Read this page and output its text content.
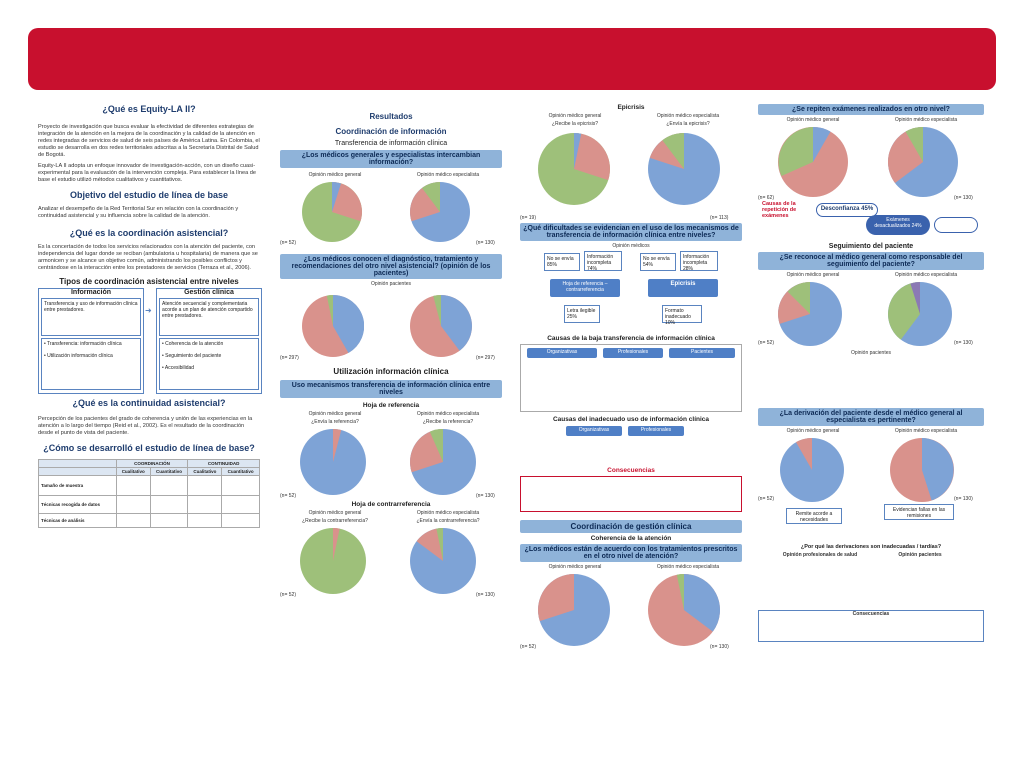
¿Qué es Equity-LA II?

Proyecto de investigación que busca evaluar la efectividad de diferentes estrategias de integración de la atención en la mejora de la coordinación y la calidad de la atención en redes integradas de servicios de salud de seis países de América Latina. En Colombia, el estudio se desarrolla en dos redes territoriales adscritas a la Secretaría Distrital de Salud de Bogotá.

Equity-LA II adopta un enfoque innovador de investigación-acción, con un diseño cuasi-experimental para la evaluación de la intervención compleja. Para establecer la línea de base el estudio utilizó métodos cualitativos y cuantitativos.

Objetivo del estudio de línea de base

Analizar el desempeño de la Red Territorial Sur en relación con la coordinación y continuidad asistencial y su influencia sobre la calidad de la atención.

¿Qué es la coordinación asistencial?

Es la concertación de todos los servicios relacionados con la atención del paciente, con independencia del lugar donde se reciban (ambulatoria u hospitalaria) de manera que se armonicen y se alcance un objetivo común, administrando los posibles conflictos y centrándose en la interacción entre los prestadores de servicios (Terraza et al., 2006).

Tipos de coordinación asistencial entre niveles

Información
Transferencia y uso de información clínica entre prestadores.
• Transferencia: información clínica
• Utilización información clínica
➜
Gestión clínica
Atención secuencial y complementaria acorde a un plan de atención compartido entre prestadores.
• Coherencia de la atención
• Seguimiento del paciente
• Accesibilidad

¿Qué es la continuidad asistencial?

Percepción de los pacientes del grado de coherencia y unión de las experiencias en la atención a lo largo del tiempo (Reid et al., 2002). Es el resultado de la coordinación desde el punto de vista del paciente.

¿Cómo se desarrolló el estudio de línea de base?

	COORDINACIÓN		CONTINUIDAD	
	Cualitativo	Cuantitativo	Cualitativo	Cuantitativo
Tamaño de muestra				
Técnicas recogida de datos				
Técnicas de análisis				
Resultados
Coordinación de información
Transferencia de información clínica
¿Los médicos generales y especialistas intercambian información?
Opinión médico general	Opinión médico especialista
(n= 52)	(n= 130)
¿Los médicos conocen el diagnóstico, tratamiento y recomendaciones del otro nivel asistencial? (opinión de los pacientes)
Opinión pacientes
(n= 297)	(n= 297)
Utilización información clínica
Uso mecanismos transferencia de información clínica entre niveles
Hoja de referencia
Opinión médico general	Opinión médico especialista
¿Envía la referencia?	¿Recibe la referencia?
(n= 52)	(n= 130)
Hoja de contrarreferencia
Opinión médico general	Opinión médico especialista
¿Recibe la contrarreferencia?	¿Envía la contrarreferencia?
(n= 52)	(n= 130)
Epicrisis
Opinión médico general	Opinión médico especialista
¿Recibe la epicrisis?	¿Envía la epicrisis?
(n= 19)	(n= 113)
¿Qué dificultades se evidencian en el uso de los mecanismos de transferencia de información clínica entre niveles?
Opinión médicos
No se envía 85%
Información incompleta 74%
No se envía 54%
Información incompleta 28%
Hoja de referencia – contrarreferencia
Epicrisis
Letra ilegible 25%
Formato inadecuado 10%
Causas de la baja transferencia de información clínica
Organizativas	Profesionales	Pacientes
Causas del inadecuado uso de información clínica
Organizativas	Profesionales
Consecuencias
Coordinación de gestión clínica
Coherencia de la atención
¿Los médicos están de acuerdo con los tratamientos prescritos en el otro nivel de atención?
Opinión médico general	Opinión médico especialista
(n= 52)	(n= 130)
¿Se repiten exámenes realizados en otro nivel?
Opinión médico general	Opinión médico especialista
(n= 62)	(n= 130)
Causas de la repetición de exámenes
Desconfianza 45%
Exámenes desactualizados 24%
Seguimiento del paciente
¿Se reconoce al médico general como responsable del seguimiento del paciente?
Opinión médico general	Opinión médico especialista
(n= 52)	(n= 130)
Opinión pacientes
¿La derivación del paciente desde el médico general al especialista es pertinente?
Opinión médico general	Opinión médico especialista
(n= 52)	(n= 130)
Remite acorde a necesidades
Evidencian fallas en las remisiones
¿Por qué las derivaciones son inadecuadas / tardías?
Opinión profesionales de salud	Opinión pacientes
Consecuencias
